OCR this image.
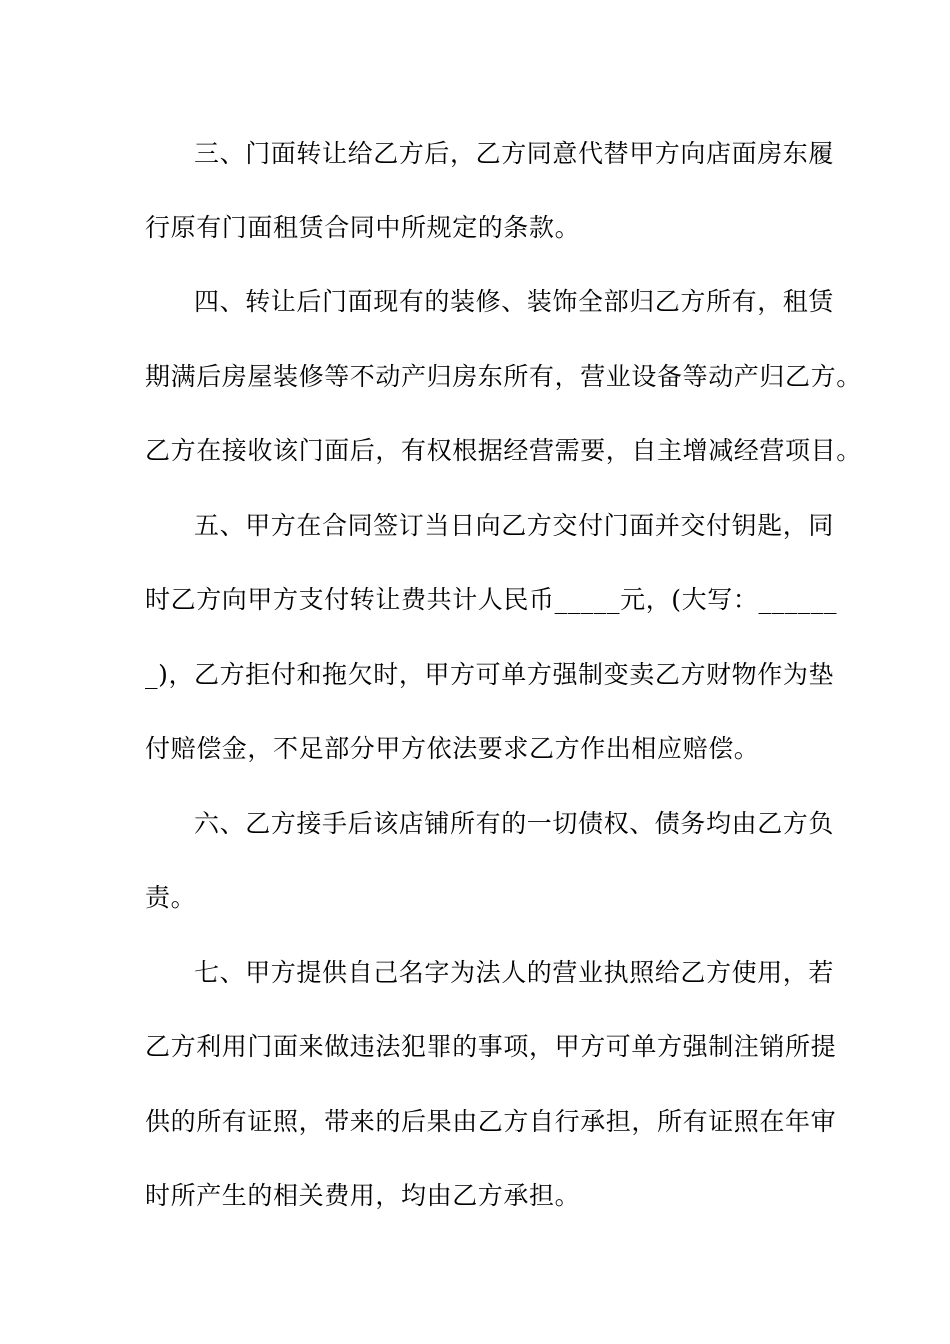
三、门面转让给乙方后，乙方同意代替甲方向店面房东履
行原有门面租赁合同中所规定的条款。
四、转让后门面现有的装修、装饰全部归乙方所有，租赁
期满后房屋装修等不动产归房东所有，营业设备等动产归乙方。
乙方在接收该门面后，有权根据经营需要，自主增减经营项目。
五、甲方在合同签订当日向乙方交付门面并交付钥匙，同
时乙方向甲方支付转让费共计人民币_____元，(大写：______
_)，乙方拒付和拖欠时，甲方可单方强制变卖乙方财物作为垫
付赔偿金，不足部分甲方依法要求乙方作出相应赔偿。
六、乙方接手后该店铺所有的一切债权、债务均由乙方负
责。
七、甲方提供自己名字为法人的营业执照给乙方使用，若
乙方利用门面来做违法犯罪的事项，甲方可单方强制注销所提
供的所有证照，带来的后果由乙方自行承担，所有证照在年审
时所产生的相关费用，均由乙方承担。
